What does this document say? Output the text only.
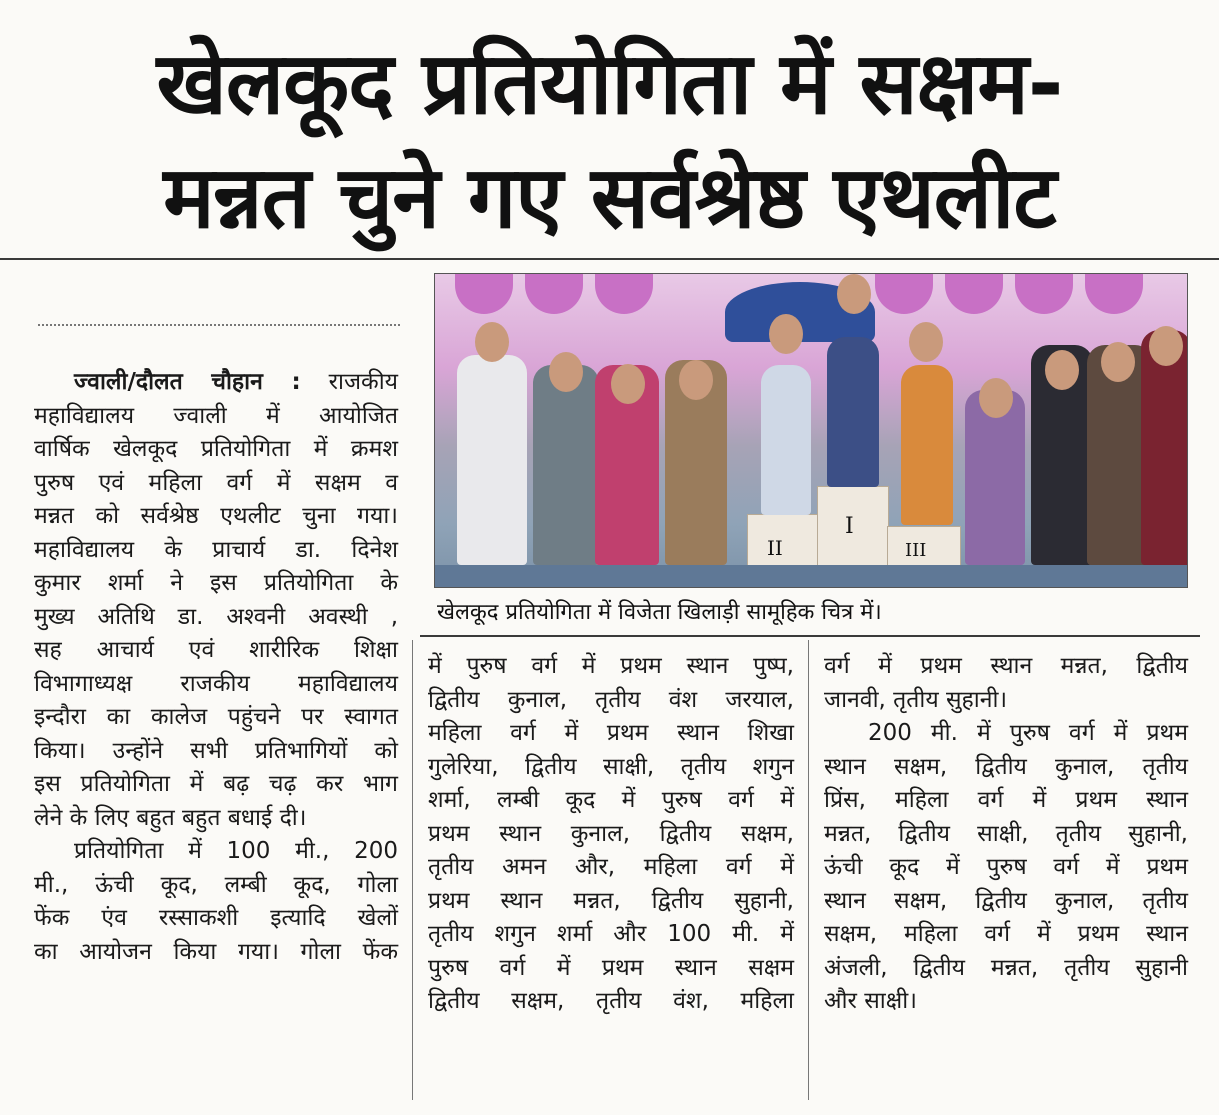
खेलकूद प्रतियोगिता में सक्षम-
मन्नत चुने गए सर्वश्रेष्ठ एथलीट
II
I
III
खेलकूद प्रतियोगिता में विजेता खिलाड़ी सामूहिक चित्र में।

ज्वाली/दौलत चौहान : राजकीय

महाविद्यालय ज्वाली में आयोजित

वार्षिक खेलकूद प्रतियोगिता में क्रमश

पुरुष एवं महिला वर्ग में सक्षम व

मन्नत को सर्वश्रेष्ठ एथलीट चुना गया।

महाविद्यालय के प्राचार्य डा. दिनेश

कुमार शर्मा ने इस प्रतियोगिता के

मुख्य अतिथि डा. अश्वनी अवस्थी ,

सह आचार्य एवं शारीरिक शिक्षा

विभागाध्यक्ष राजकीय महाविद्यालय

इन्दौरा का कालेज पहुंचने पर स्वागत

किया। उन्होंने सभी प्रतिभागियों को

इस प्रतियोगिता में बढ़ चढ़ कर भाग

लेने के लिए बहुत बहुत बधाई दी।

प्रतियोगिता में 100 मी., 200

मी., ऊंची कूद, लम्बी कूद, गोला

फेंक एंव रस्साकशी इत्यादि खेलों

का आयोजन किया गया। गोला फेंक

में पुरुष वर्ग में प्रथम स्थान पुष्प,

द्वितीय कुनाल, तृतीय वंश जरयाल,

महिला वर्ग में प्रथम स्थान शिखा

गुलेरिया, द्वितीय साक्षी, तृतीय शगुन

शर्मा, लम्बी कूद में पुरुष वर्ग में

प्रथम स्थान कुनाल, द्वितीय सक्षम,

तृतीय अमन और, महिला वर्ग में

प्रथम स्थान मन्नत, द्वितीय सुहानी,

तृतीय शगुन शर्मा और 100 मी. में

पुरुष वर्ग में प्रथम स्थान सक्षम

द्वितीय सक्षम, तृतीय वंश, महिला

वर्ग में प्रथम स्थान मन्नत, द्वितीय

जानवी, तृतीय सुहानी।

200 मी. में पुरुष वर्ग में प्रथम

स्थान सक्षम, द्वितीय कुनाल, तृतीय

प्रिंस, महिला वर्ग में प्रथम स्थान

मन्नत, द्वितीय साक्षी, तृतीय सुहानी,

ऊंची कूद में पुरुष वर्ग में प्रथम

स्थान सक्षम, द्वितीय कुनाल, तृतीय

सक्षम, महिला वर्ग में प्रथम स्थान

अंजली, द्वितीय मन्नत, तृतीय सुहानी

और साक्षी।
